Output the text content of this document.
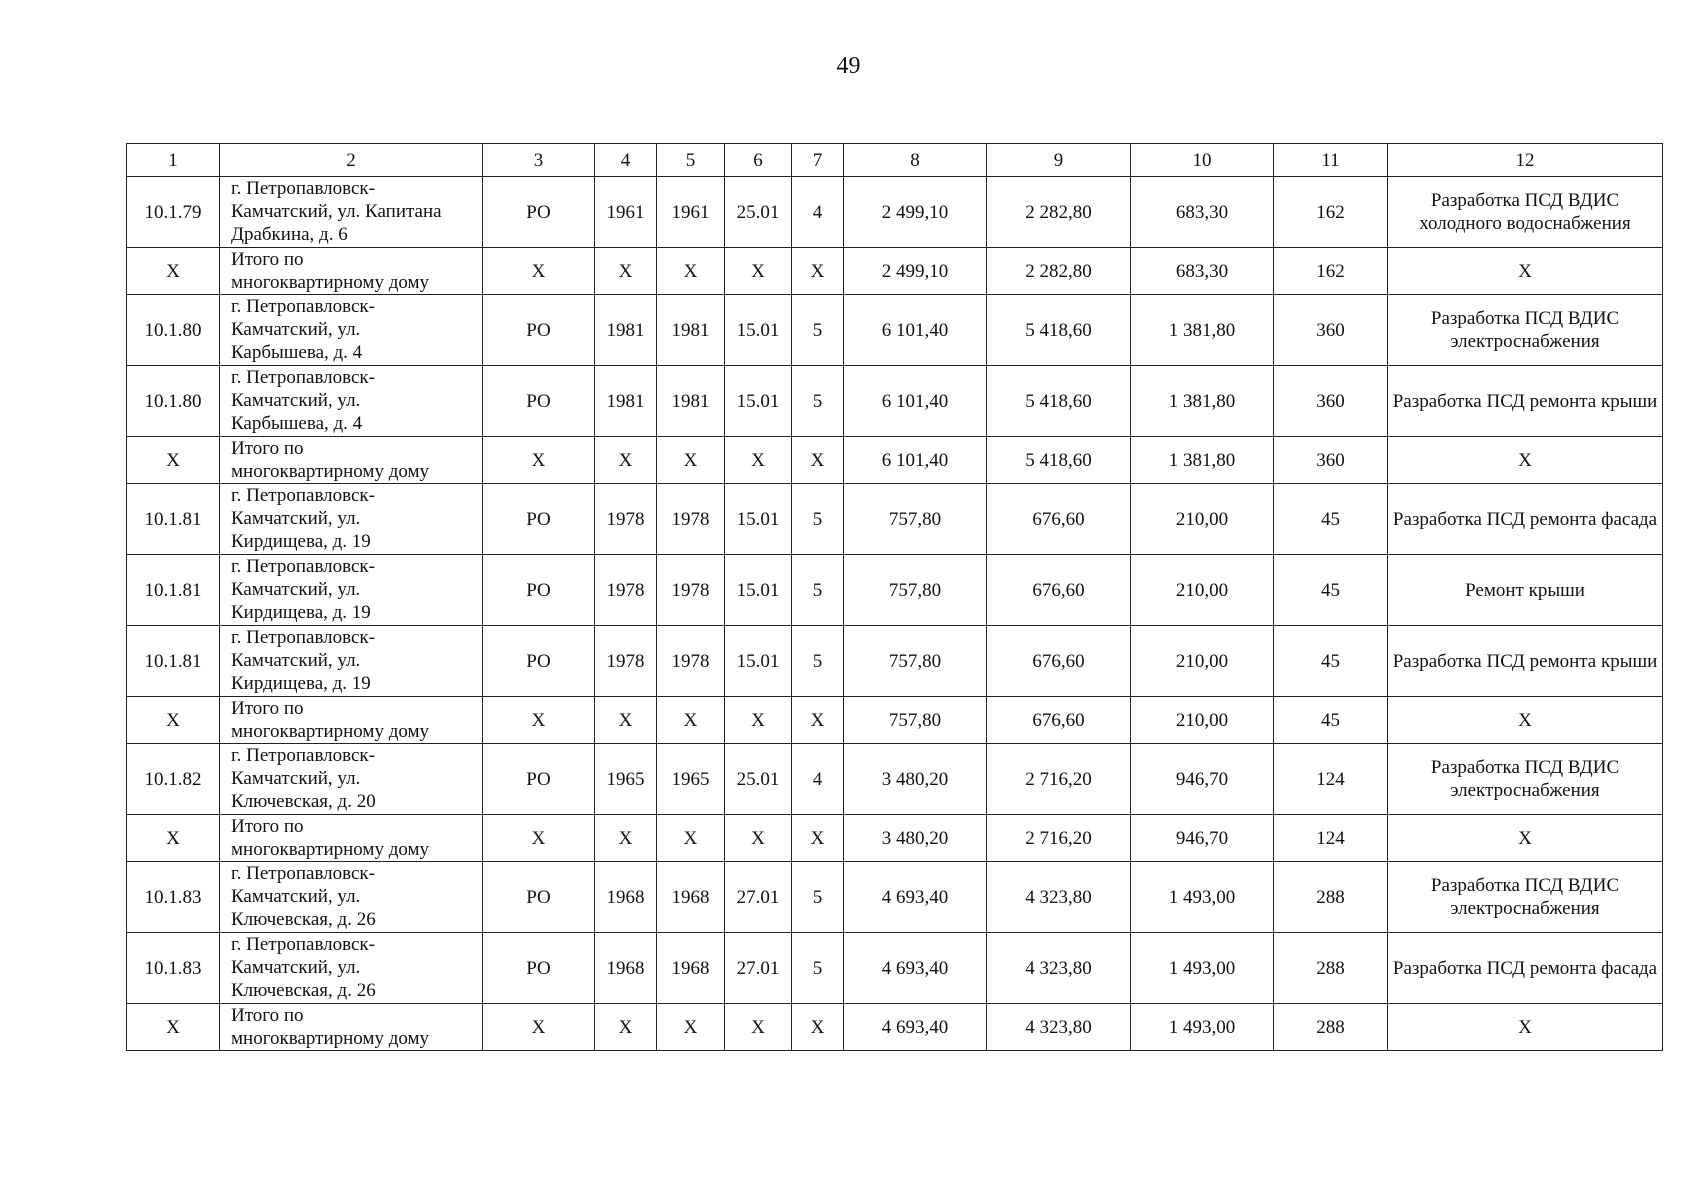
49
1	2	3	4	5	6	7	8	9	10	11	12
10.1.79	г. Петропавловск-
Камчатский, ул. Капитана
Драбкина, д. 6	РО	1961	1961	25.01	4	2 499,10	2 282,80	683,30	162	Разработка ПСД ВДИС холодного водоснабжения
Х	Итого по
многоквартирному дому	Х	Х	Х	Х	Х	2 499,10	2 282,80	683,30	162	Х
10.1.80	г. Петропавловск-
Камчатский, ул.
Карбышева, д. 4	РО	1981	1981	15.01	5	6 101,40	5 418,60	1 381,80	360	Разработка ПСД ВДИС электроснабжения
10.1.80	г. Петропавловск-
Камчатский, ул.
Карбышева, д. 4	РО	1981	1981	15.01	5	6 101,40	5 418,60	1 381,80	360	Разработка ПСД ремонта крыши
Х	Итого по
многоквартирному дому	Х	Х	Х	Х	Х	6 101,40	5 418,60	1 381,80	360	Х
10.1.81	г. Петропавловск-
Камчатский, ул.
Кирдищева, д. 19	РО	1978	1978	15.01	5	757,80	676,60	210,00	45	Разработка ПСД ремонта фасада
10.1.81	г. Петропавловск-
Камчатский, ул.
Кирдищева, д. 19	РО	1978	1978	15.01	5	757,80	676,60	210,00	45	Ремонт крыши
10.1.81	г. Петропавловск-
Камчатский, ул.
Кирдищева, д. 19	РО	1978	1978	15.01	5	757,80	676,60	210,00	45	Разработка ПСД ремонта крыши
Х	Итого по
многоквартирному дому	Х	Х	Х	Х	Х	757,80	676,60	210,00	45	Х
10.1.82	г. Петропавловск-
Камчатский, ул.
Ключевская, д. 20	РО	1965	1965	25.01	4	3 480,20	2 716,20	946,70	124	Разработка ПСД ВДИС электроснабжения
Х	Итого по
многоквартирному дому	Х	Х	Х	Х	Х	3 480,20	2 716,20	946,70	124	Х
10.1.83	г. Петропавловск-
Камчатский, ул.
Ключевская, д. 26	РО	1968	1968	27.01	5	4 693,40	4 323,80	1 493,00	288	Разработка ПСД ВДИС электроснабжения
10.1.83	г. Петропавловск-
Камчатский, ул.
Ключевская, д. 26	РО	1968	1968	27.01	5	4 693,40	4 323,80	1 493,00	288	Разработка ПСД ремонта фасада
Х	Итого по
многоквартирному дому	Х	Х	Х	Х	Х	4 693,40	4 323,80	1 493,00	288	Х
